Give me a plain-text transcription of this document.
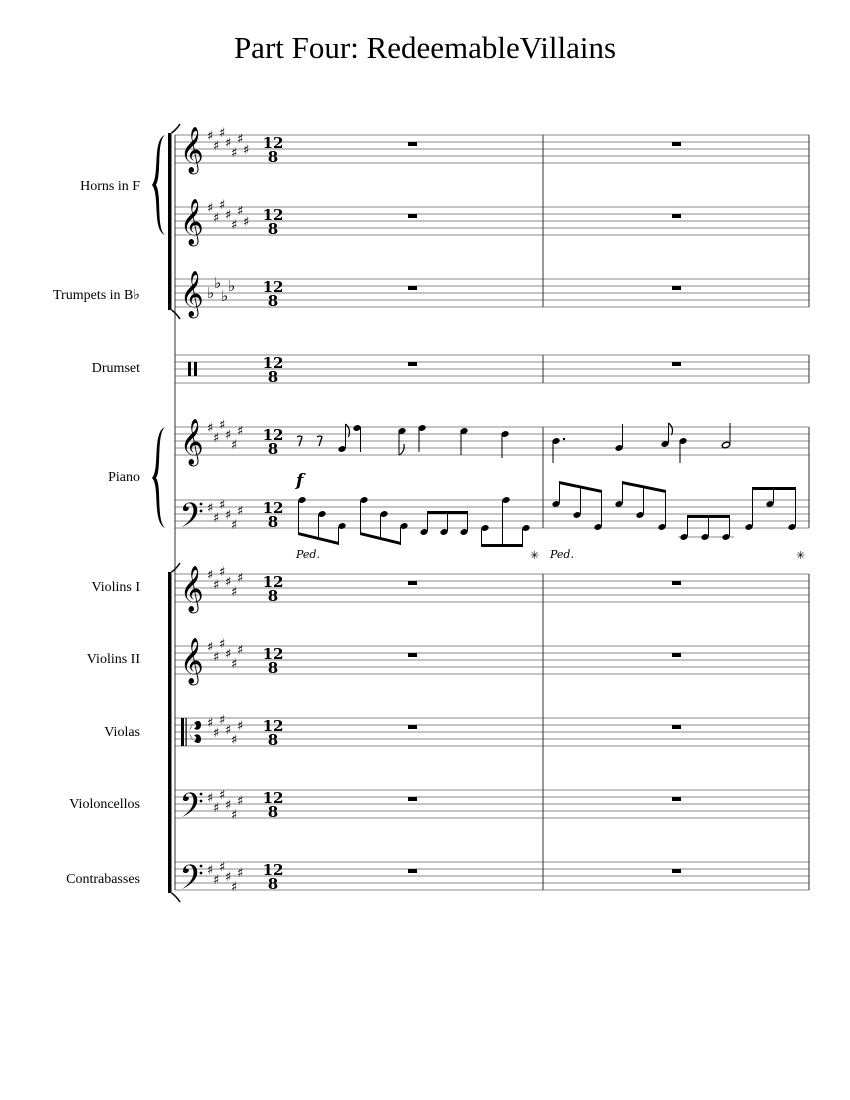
Part Four: RedeemableVillains
Horns in F
Trumpets in B♭
Drumset
Piano
Violins I
Violins II
Violas
Violoncellos
Contrabasses
𝄞
𝄞
𝄞
𝄞
𝄞
𝄞
♯
♯
♯
♯
♯
♯
♯
♯
♯
♯
♯
♯
♯
♯
♭
♭
♭
♭
♯
♯
♯
♯
♯
♯
♯
♯
♯
♯
♯
♯
♯
♯
♯
♯
♯
♯
♯
♯
♯
♯
♯
♯
♯
♯
♯
♯
♯
♯
♯
♯
♯
♯
♯
♯
♯
♯
♯
♯
♯
♯
12
8
12
8
12
8
12
8
12
8
12
8
12
8
12
8
12
8
12
8
12
8
f
Ped.	✳ Ped.	✳
